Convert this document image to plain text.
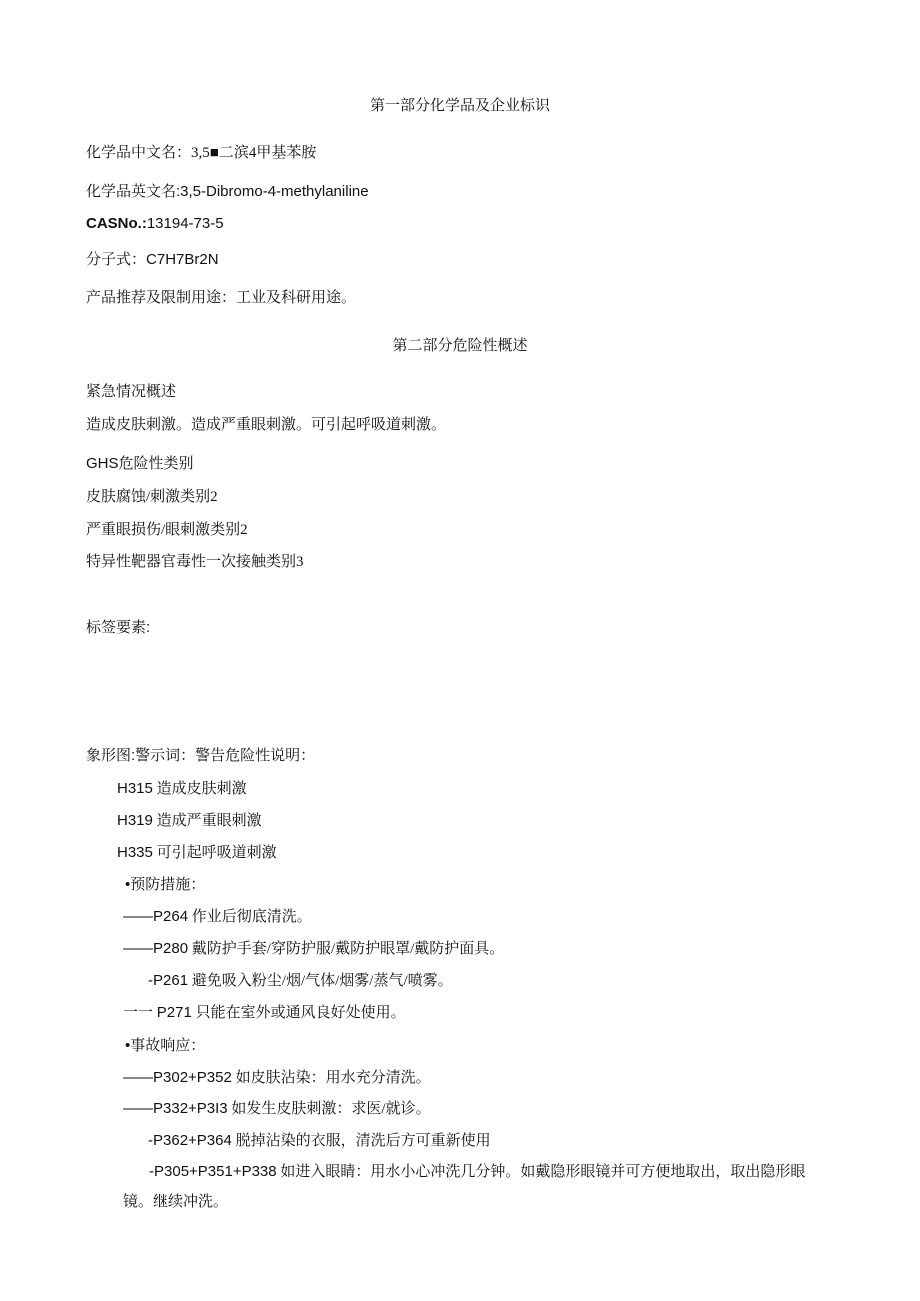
第一部分化学品及企业标识
化学品中文名：3,5■二滨4甲基苯胺
化学品英文名:3,5-Dibromo-4-methylaniline
CASNo.:13194-73-5
分子式：C7H7Br2N
产品推荐及限制用途：工业及科研用途。
第二部分危险性概述
紧急情况概述
造成皮肤刺激。造成严重眼刺激。可引起呼吸道刺激。
GHS危险性类别
皮肤腐蚀/刺激类别2
严重眼损伤/眼刺激类别2
特异性靶器官毒性一次接触类别3
标签要素:
象形图:警示词：警告危险性说明：
H315 造成皮肤刺激
H319 造成严重眼刺激
H335 可引起呼吸道刺激
•预防措施：
——P264 作业后彻底清洗。
——P280 戴防护手套/穿防护服/戴防护眼罩/戴防护面具。
-P261 避免吸入粉尘/烟/气体/烟雾/蒸气/喷雾。
一一 P271 只能在室外或通风良好处使用。
•事故响应：
——P302+P352 如皮肤沾染：用水充分清洗。
——P332+P3I3 如发生皮肤刺激：求医/就诊。
-P362+P364 脱掉沾染的衣服，清洗后方可重新使用
-P305+P351+P338 如进入眼睛：用水小心冲洗几分钟。如戴隐形眼镜并可方便地取出，取出隐形眼镜。继续冲洗。
